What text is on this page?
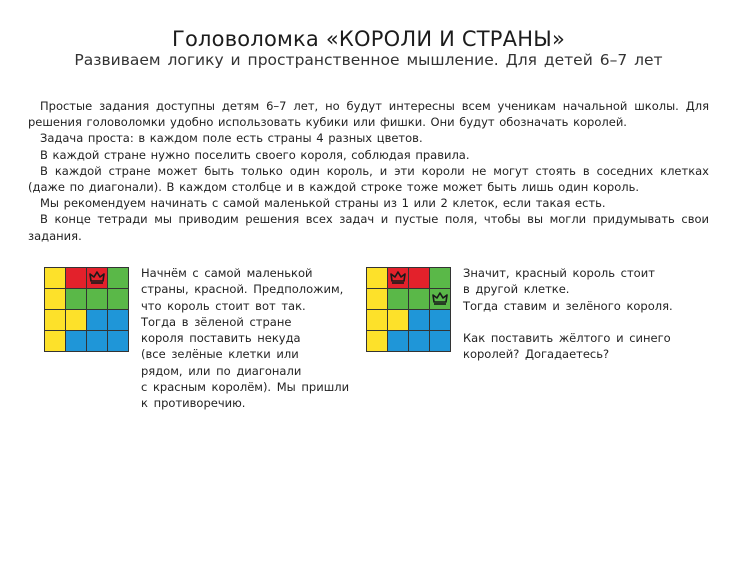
Головоломка «КОРОЛИ И СТРАНЫ»
Развиваем логику и пространственное мышление. Для детей 6–7 лет

Простые задания доступны детям 6–7 лет, но будут интересны всем ученикам начальной школы. Для решения головоломки удобно использовать кубики или фишки. Они будут обозначать королей.

Задача проста: в каждом поле есть страны 4 разных цветов.

В каждой стране нужно поселить своего короля, соблюдая правила.

В каждой стране может быть только один король, и эти короли не могут стоять в соседних клетках (даже по диагонали). В каждом столбце и в каждой строке тоже может быть лишь один король.

Мы рекомендуем начинать с самой маленькой страны из 1 или 2 клеток, если такая есть.

В конце тетради мы приводим решения всех задач и пустые поля, чтобы вы могли придумывать свои задания.

Начнём с самой маленькой

страны, красной. Предположим,

что король стоит вот так.

Тогда в зёленой стране

короля поставить некуда

(все зелёные клетки или

рядом, или по диагонали

с красным королём). Мы пришли

к противоречию.

Значит, красный король стоит

в другой клетке.

Тогда ставим и зелёного короля.

Как поставить жёлтого и синего

королей? Догадаетесь?
